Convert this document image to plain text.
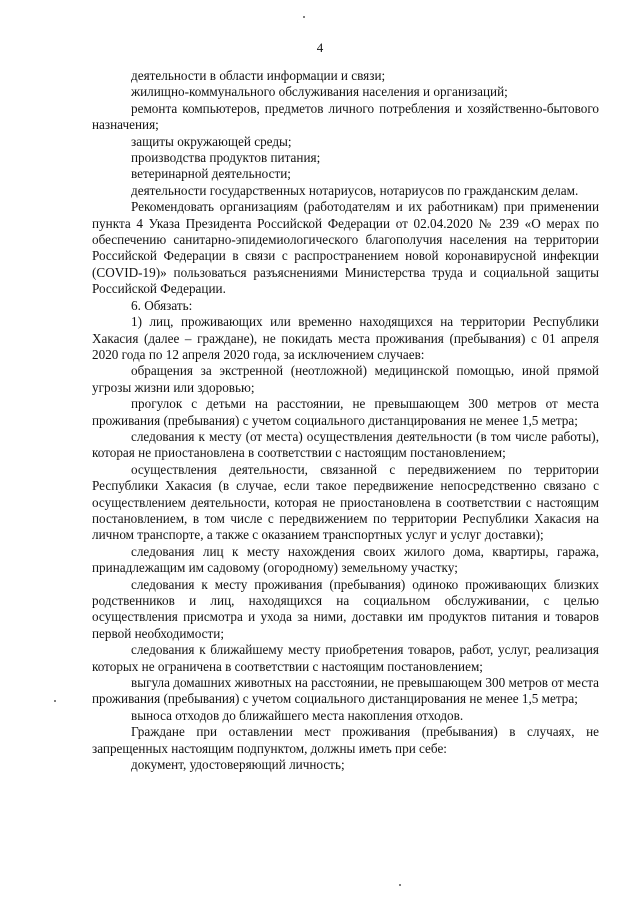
4

деятельности в области информации и связи;

жилищно-коммунального обслуживания населения и организаций;

ремонта компьютеров, предметов личного потребления и хозяйственно-бытового назначения;

защиты окружающей среды;

производства продуктов питания;

ветеринарной деятельности;

деятельности государственных нотариусов, нотариусов по гражданским делам.

Рекомендовать организациям (работодателям и их работникам) при применении пункта 4 Указа Президента Российской Федерации от 02.04.2020 № 239 «О мерах по обеспечению санитарно-эпидемиологического благополучия населения на территории Российской Федерации в связи с распространением новой коронавирусной инфекции (COVID-19)» пользоваться разъяснениями Министерства труда и социальной защиты Российской Федерации.

6. Обязать:

1) лиц, проживающих или временно находящихся на территории Республики Хакасия (далее – граждане), не покидать места проживания (пребывания) с 01 апреля 2020 года по 12 апреля 2020 года, за исключением случаев:

обращения за экстренной (неотложной) медицинской помощью, иной прямой угрозы жизни или здоровью;

прогулок с детьми на расстоянии, не превышающем 300 метров от места проживания (пребывания) с учетом социального дистанцирования не менее 1,5 метра;

следования к месту (от места) осуществления деятельности (в том числе работы), которая не приостановлена в соответствии с настоящим постановлением;

осуществления деятельности, связанной с передвижением по территории Республики Хакасия (в случае, если такое передвижение непосредственно связано с осуществлением деятельности, которая не приостановлена в соответствии с настоящим постановлением, в том числе с передвижением по территории Республики Хакасия на личном транспорте, а также с оказанием транспортных услуг и услуг доставки);

следования лиц к месту нахождения своих жилого дома, квартиры, гаража, принадлежащим им садовому (огородному) земельному участку;

следования к месту проживания (пребывания) одиноко проживающих близких родственников и лиц, находящихся на социальном обслуживании, с целью осуществления присмотра и ухода за ними, доставки им продуктов питания и товаров первой необходимости;

следования к ближайшему месту приобретения товаров, работ, услуг, реализация которых не ограничена в соответствии с настоящим постановлением;

выгула домашних животных на расстоянии, не превышающем 300 метров от места проживания (пребывания) с учетом социального дистанцирования не менее 1,5 метра;

выноса отходов до ближайшего места накопления отходов.

Граждане при оставлении мест проживания (пребывания) в случаях, не запрещенных настоящим подпунктом, должны иметь при себе:

документ, удостоверяющий личность;
